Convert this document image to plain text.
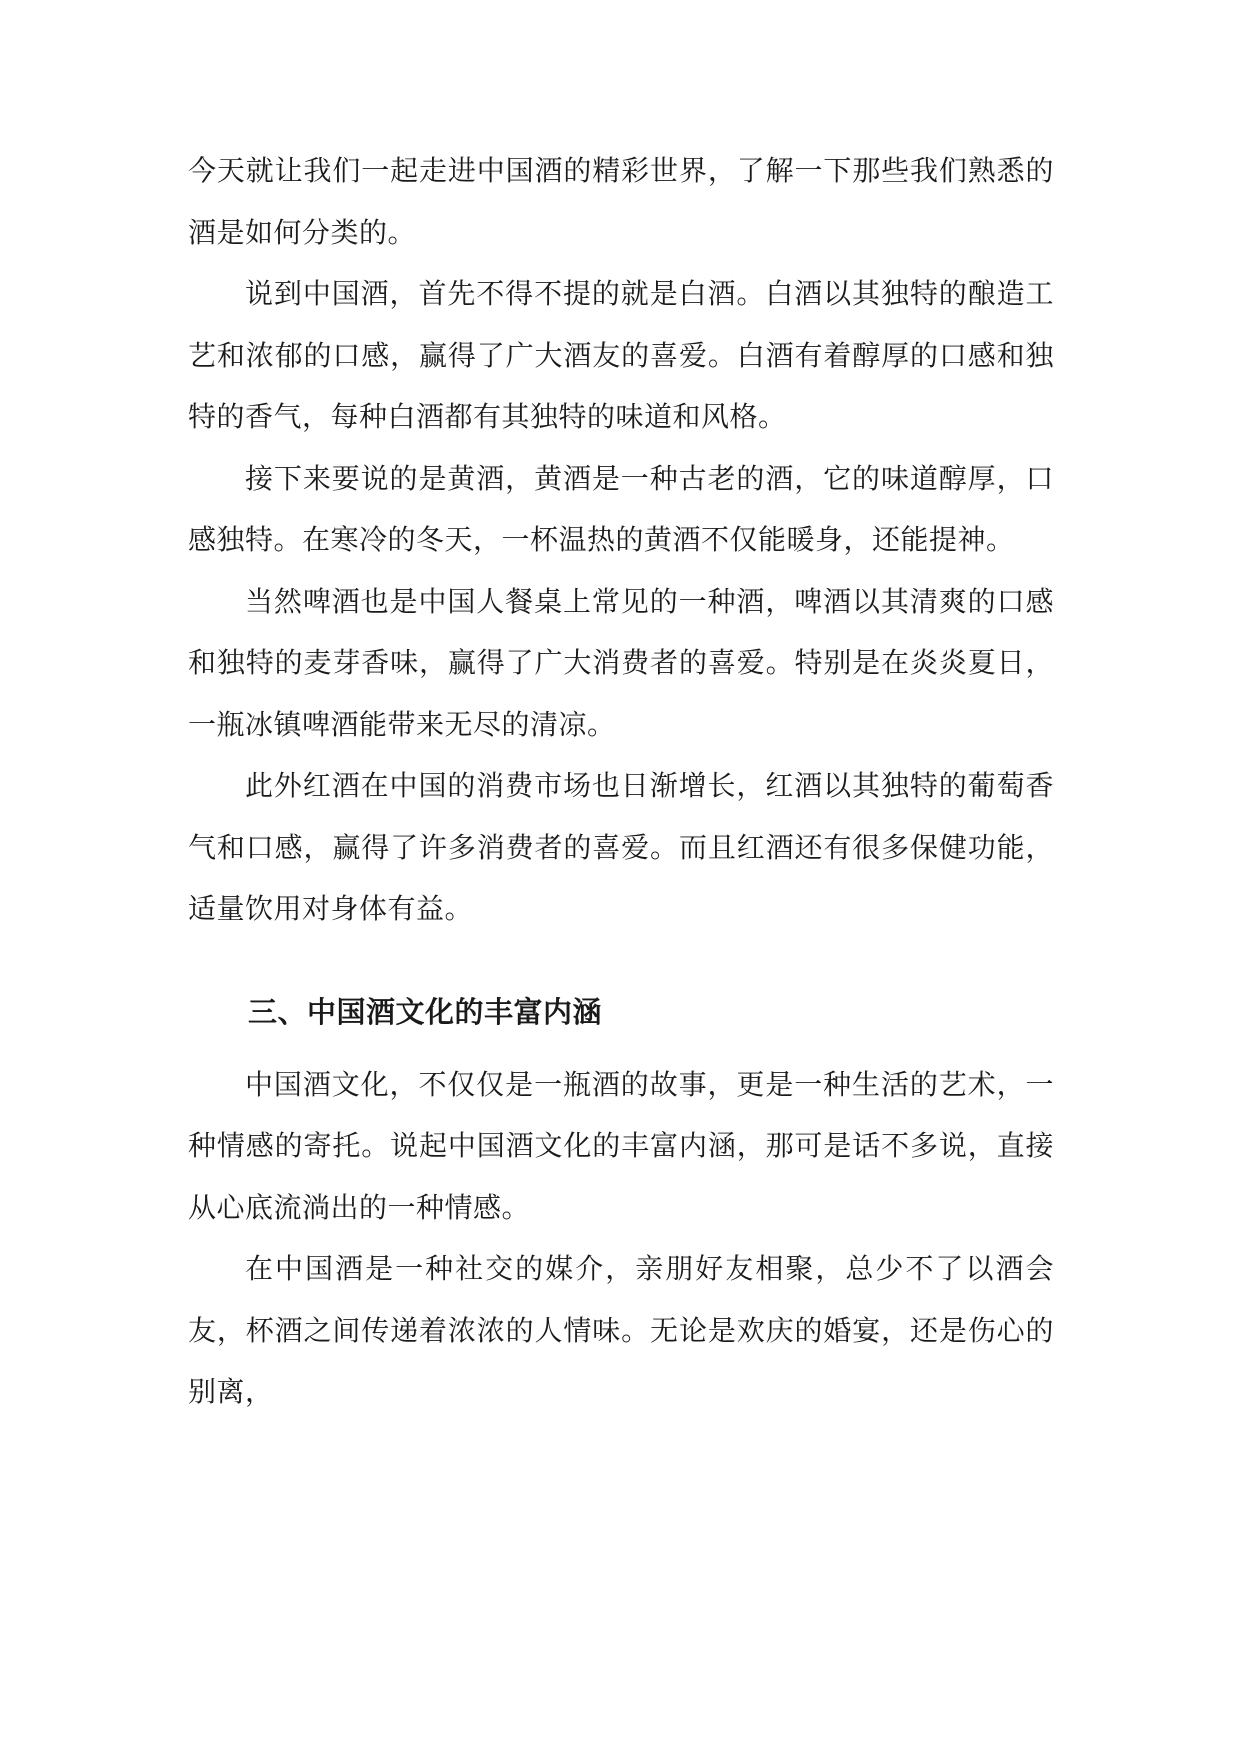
今天就让我们一起走进中国酒的精彩世界，了解一下那些我们熟悉的酒是如何分类的。

说到中国酒，首先不得不提的就是白酒。白酒以其独特的酿造工艺和浓郁的口感，赢得了广大酒友的喜爱。白酒有着醇厚的口感和独特的香气，每种白酒都有其独特的味道和风格。

接下来要说的是黄酒，黄酒是一种古老的酒，它的味道醇厚，口感独特。在寒冷的冬天，一杯温热的黄酒不仅能暖身，还能提神。

当然啤酒也是中国人餐桌上常见的一种酒，啤酒以其清爽的口感和独特的麦芽香味，赢得了广大消费者的喜爱。特别是在炎炎夏日，一瓶冰镇啤酒能带来无尽的清凉。

此外红酒在中国的消费市场也日渐增长，红酒以其独特的葡萄香气和口感，赢得了许多消费者的喜爱。而且红酒还有很多保健功能，适量饮用对身体有益。

三、中国酒文化的丰富内涵

中国酒文化，不仅仅是一瓶酒的故事，更是一种生活的艺术，一种情感的寄托。说起中国酒文化的丰富内涵，那可是话不多说，直接从心底流淌出的一种情感。

在中国酒是一种社交的媒介，亲朋好友相聚，总少不了以酒会友，杯酒之间传递着浓浓的人情味。无论是欢庆的婚宴，还是伤心的别离，
